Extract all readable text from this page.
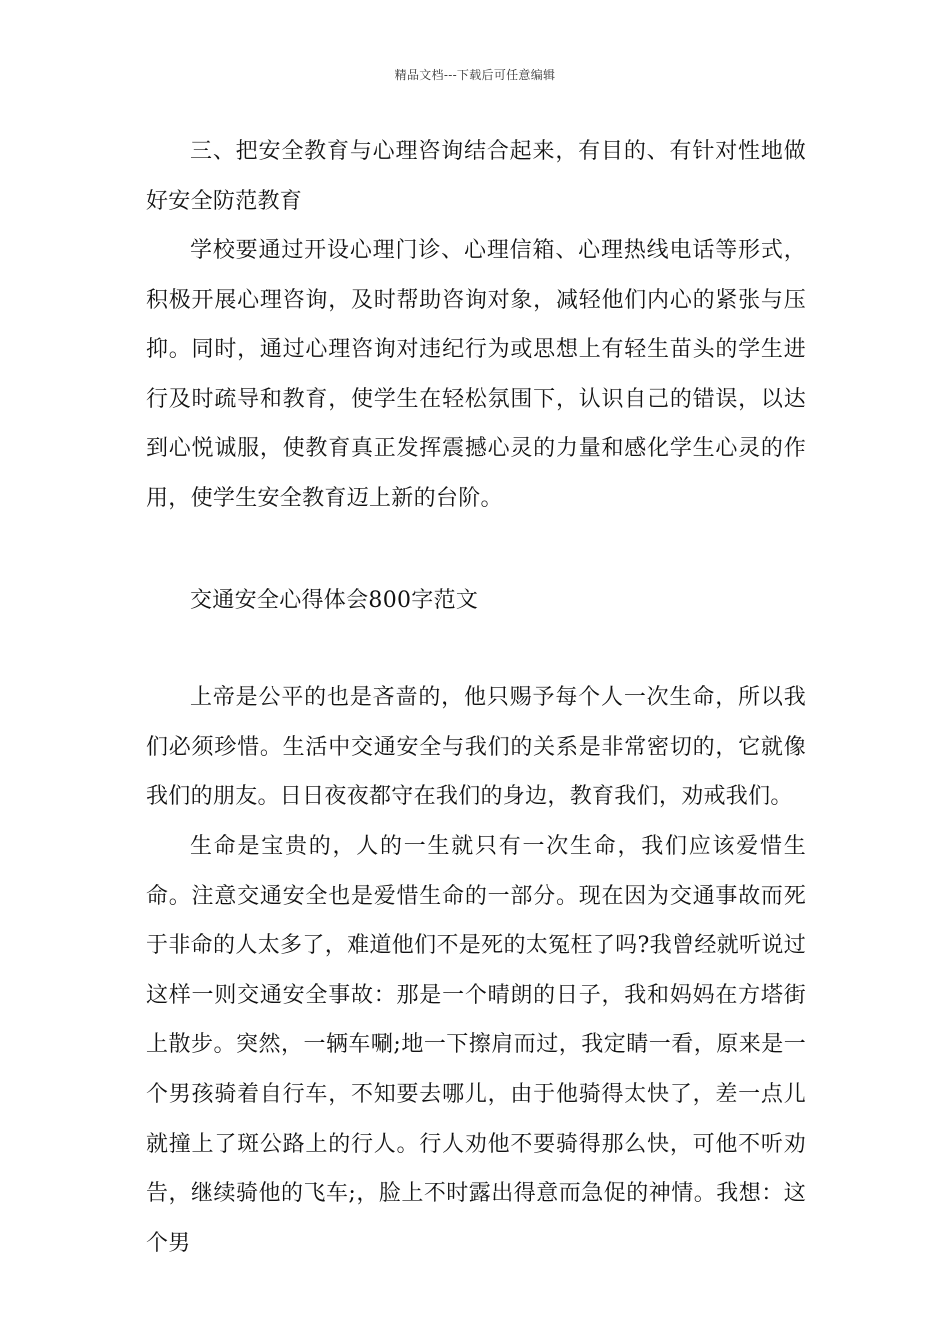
精品文档---下载后可任意编辑

三、把安全教育与心理咨询结合起来，有目的、有针对性地做好安全防范教育

学校要通过开设心理门诊、心理信箱、心理热线电话等形式，积极开展心理咨询，及时帮助咨询对象，减轻他们内心的紧张与压抑。同时，通过心理咨询对违纪行为或思想上有轻生苗头的学生进行及时疏导和教育，使学生在轻松氛围下，认识自己的错误，以达到心悦诚服，使教育真正发挥震撼心灵的力量和感化学生心灵的作用，使学生安全教育迈上新的台阶。

交通安全心得体会800字范文

上帝是公平的也是吝啬的，他只赐予每个人一次生命，所以我们必须珍惜。生活中交通安全与我们的关系是非常密切的，它就像我们的朋友。日日夜夜都守在我们的身边，教育我们，劝戒我们。

生命是宝贵的，人的一生就只有一次生命，我们应该爱惜生命。注意交通安全也是爱惜生命的一部分。现在因为交通事故而死于非命的人太多了，难道他们不是死的太冤枉了吗?我曾经就听说过这样一则交通安全事故：那是一个晴朗的日子，我和妈妈在方塔街上散步。突然，一辆车唰;地一下擦肩而过，我定睛一看，原来是一个男孩骑着自行车，不知要去哪儿，由于他骑得太快了，差一点儿就撞上了斑公路上的行人。行人劝他不要骑得那么快，可他不听劝告，继续骑他的飞车;，脸上不时露出得意而急促的神情。我想：这个男
